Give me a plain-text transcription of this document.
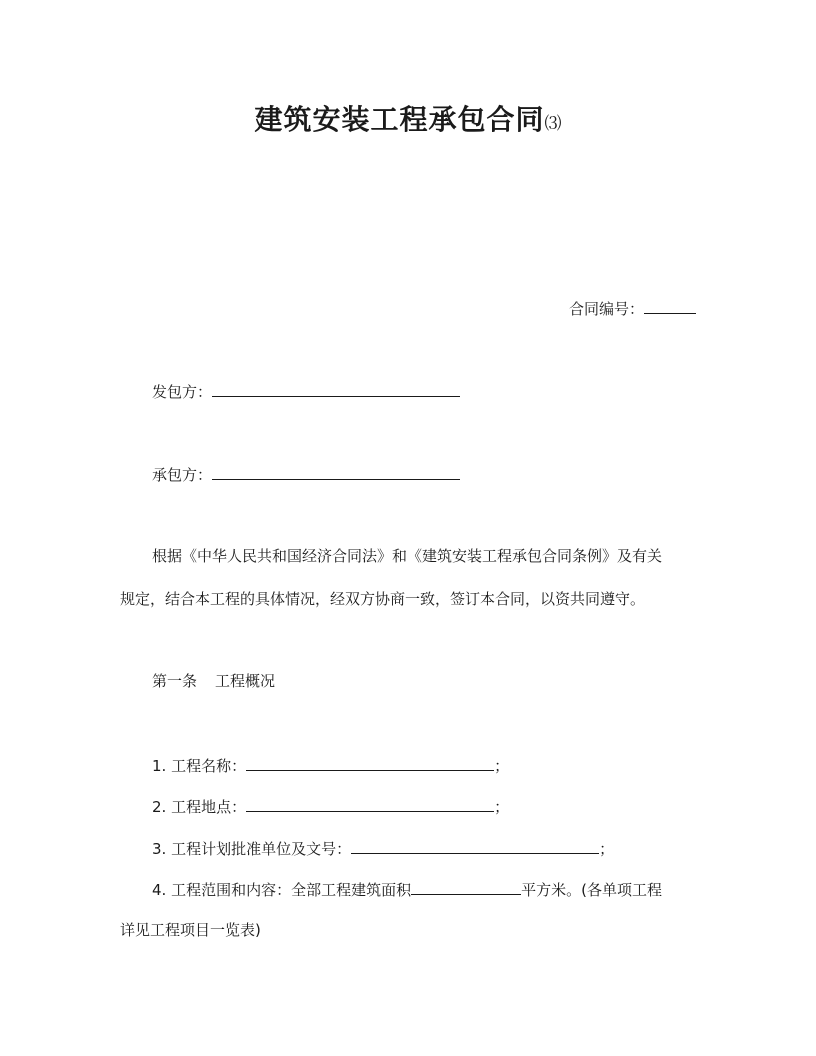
建筑安装工程承包合同⑶
合同编号：
发包方：
承包方：
根据《中华人民共和国经济合同法》和《建筑安装工程承包合同条例》及有关
规定，结合本工程的具体情况，经双方协商一致，签订本合同，以资共同遵守。
第一条 工程概况
1. 工程名称：	；
2. 工程地点：	；
3. 工程计划批准单位及文号：	；
4. 工程范围和内容：全部工程建筑面积	平方米。(各单项工程
详见工程项目一览表)
